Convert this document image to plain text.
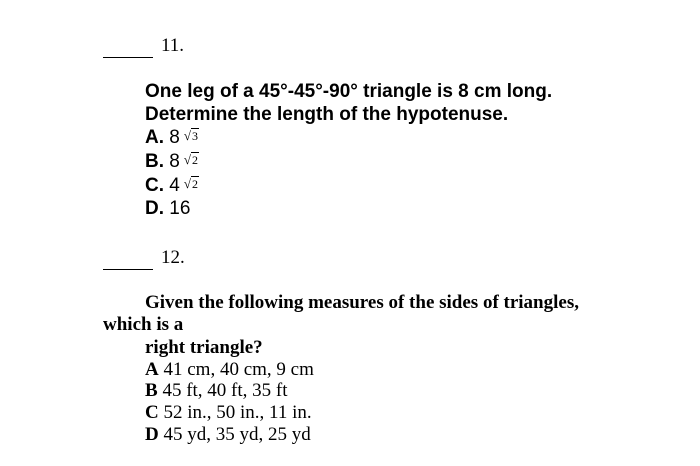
11.
One leg of a 45°-45°-90° triangle is 8 cm long.
Determine the length of the hypotenuse.
A. 8 √3
B. 8 √2
C. 4 √2
D. 16
12.
Given the following measures of the sides of triangles,
which is a
right triangle?
A 41 cm, 40 cm, 9 cm
B 45 ft, 40 ft, 35 ft
C 52 in., 50 in., 11 in.
D 45 yd, 35 yd, 25 yd
